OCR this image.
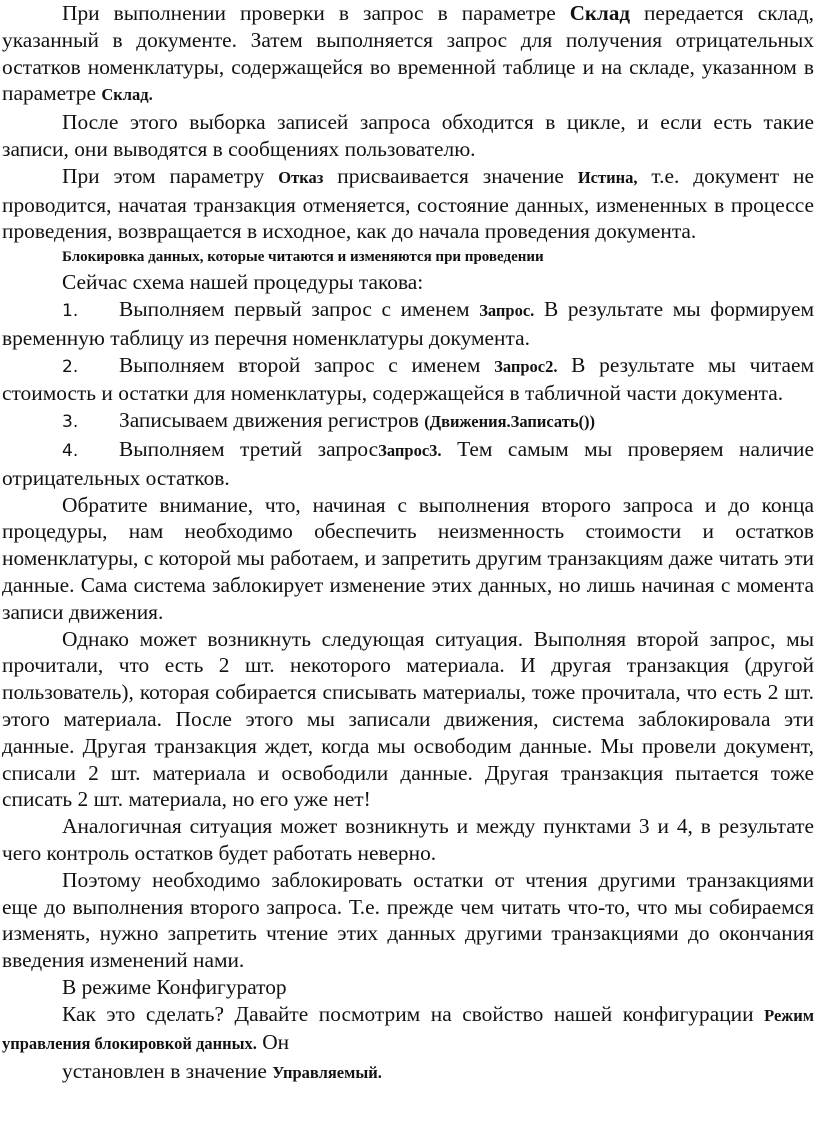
При выполнении проверки в запрос в параметре Склад передается склад, указанный в документе. Затем выполняется запрос для получения отрицательных остатков номенклатуры, содержащейся во временной таблице и на складе, указанном в параметре Склад.

После этого выборка записей запроса обходится в цикле, и если есть такие записи, они выводятся в сообщениях пользователю.

При этом параметру Отказ присваивается значение Истина, т.е. документ не проводится, начатая транзакция отменяется, состояние данных, измененных в процессе проведения, возвращается в исходное, как до начала проведения документа.

Блокировка данных, которые читаются и изменяются при проведении

Сейчас схема нашей процедуры такова:

1. Выполняем первый запрос с именем Запрос. В результате мы формируем временную таблицу из перечня номенклатуры документа.

2. Выполняем второй запрос с именем Запрос2. В результате мы читаем стоимость и остатки для номенклатуры, содержащейся в табличной части документа.

3. Записываем движения регистров (Движения.Записать())

4. Выполняем третий запросЗапрос3. Тем самым мы проверяем наличие отрицательных остатков.

Обратите внимание, что, начиная с выполнения второго запроса и до конца процедуры, нам необходимо обеспечить неизменность стоимости и остатков номенклатуры, с которой мы работаем, и запретить другим транзакциям даже читать эти данные. Сама система заблокирует изменение этих данных, но лишь начиная с момента записи движения.

Однако может возникнуть следующая ситуация. Выполняя второй запрос, мы прочитали, что есть 2 шт. некоторого материала. И другая транзакция (другой пользователь), которая собирается списывать материалы, тоже прочитала, что есть 2 шт. этого материала. После этого мы записали движения, система заблокировала эти данные. Другая транзакция ждет, когда мы освободим данные. Мы провели документ, списали 2 шт. материала и освободили данные. Другая транзакция пытается тоже списать 2 шт. материала, но его уже нет!

Аналогичная ситуация может возникнуть и между пунктами 3 и 4, в результате чего контроль остатков будет работать неверно.

Поэтому необходимо заблокировать остатки от чтения другими транзакциями еще до выполнения второго запроса. Т.е. прежде чем читать что-то, что мы собираемся изменять, нужно запретить чтение этих данных другими транзакциями до окончания введения изменений нами.

В режиме Конфигуратор

Как это сделать? Давайте посмотрим на свойство нашей конфигурации Режим управления блокировкой данных. Он

установлен в значение Управляемый.
